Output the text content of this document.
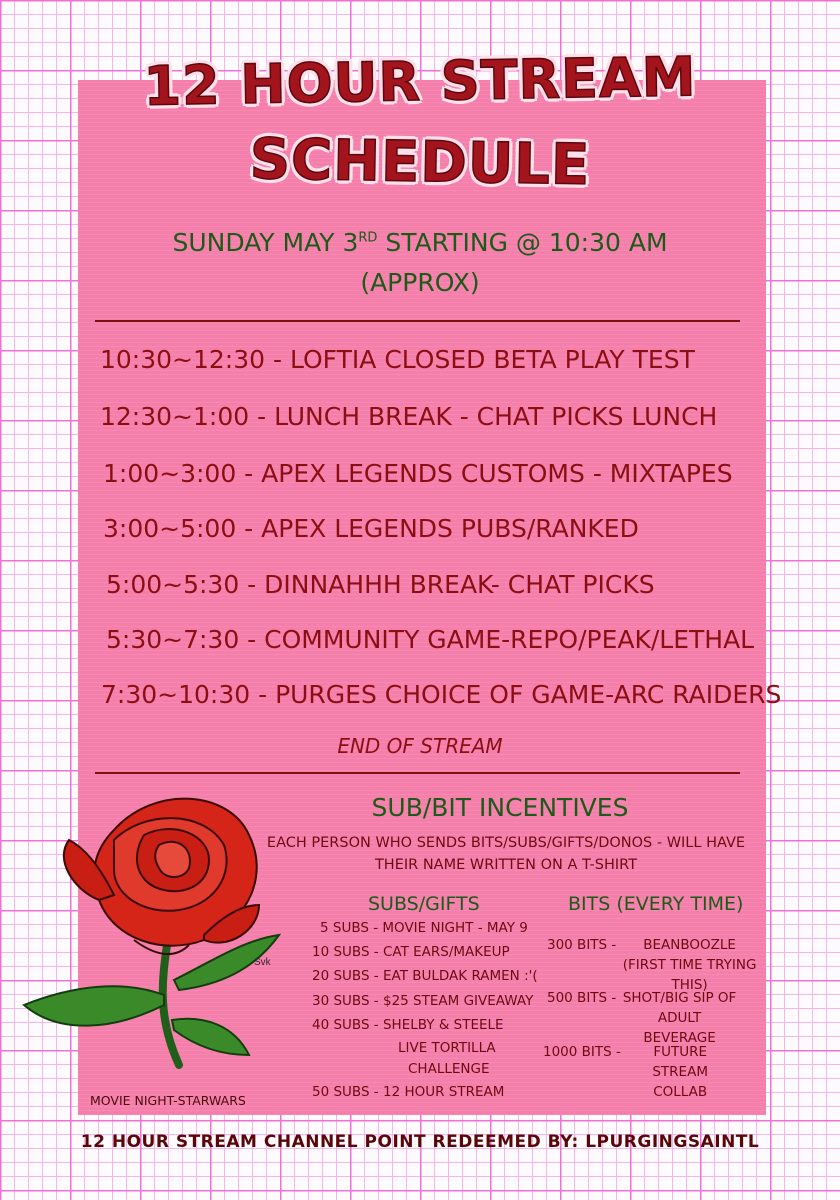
12 HOUR STREAM
SCHEDULE
SUNDAY MAY 3RD STARTING @ 10:30 AM
(APPROX)
10:30~12:30 - LOFTIA CLOSED BETA PLAY TEST
12:30~1:00 - LUNCH BREAK - CHAT PICKS LUNCH
1:00~3:00 - APEX LEGENDS CUSTOMS - MIXTAPES
3:00~5:00 - APEX LEGENDS PUBS/RANKED
5:00~5:30 - DINNAHHH BREAK- CHAT PICKS
5:30~7:30 - COMMUNITY GAME-REPO/PEAK/LETHAL
7:30~10:30 - PURGES CHOICE OF GAME-ARC RAIDERS
END OF STREAM
Svk
SUB/BIT INCENTIVES
EACH PERSON WHO SENDS BITS/SUBS/GIFTS/DONOS - WILL HAVE THEIR NAME WRITTEN ON A T-SHIRT
SUBS/GIFTS	BITS (EVERY TIME)
5 SUBS - MOVIE NIGHT - MAY 9
10 SUBS - CAT EARS/MAKEUP
20 SUBS - EAT BULDAK RAMEN :'(
30 SUBS - $25 STEAM GIVEAWAY
40 SUBS - SHELBY & STEELE
LIVE TORTILLA
CHALLENGE
50 SUBS - 12 HOUR STREAM
300 BITS - BEANBOOZLE (FIRST TIME TRYING THIS)
500 BITS - SHOT/BIG SIP OF ADULT BEVERAGE
1000 BITS - FUTURE STREAM COLLAB
MOVIE NIGHT-STARWARS
12 HOUR STREAM CHANNEL POINT REDEEMED BY: LPURGINGSAINTL
